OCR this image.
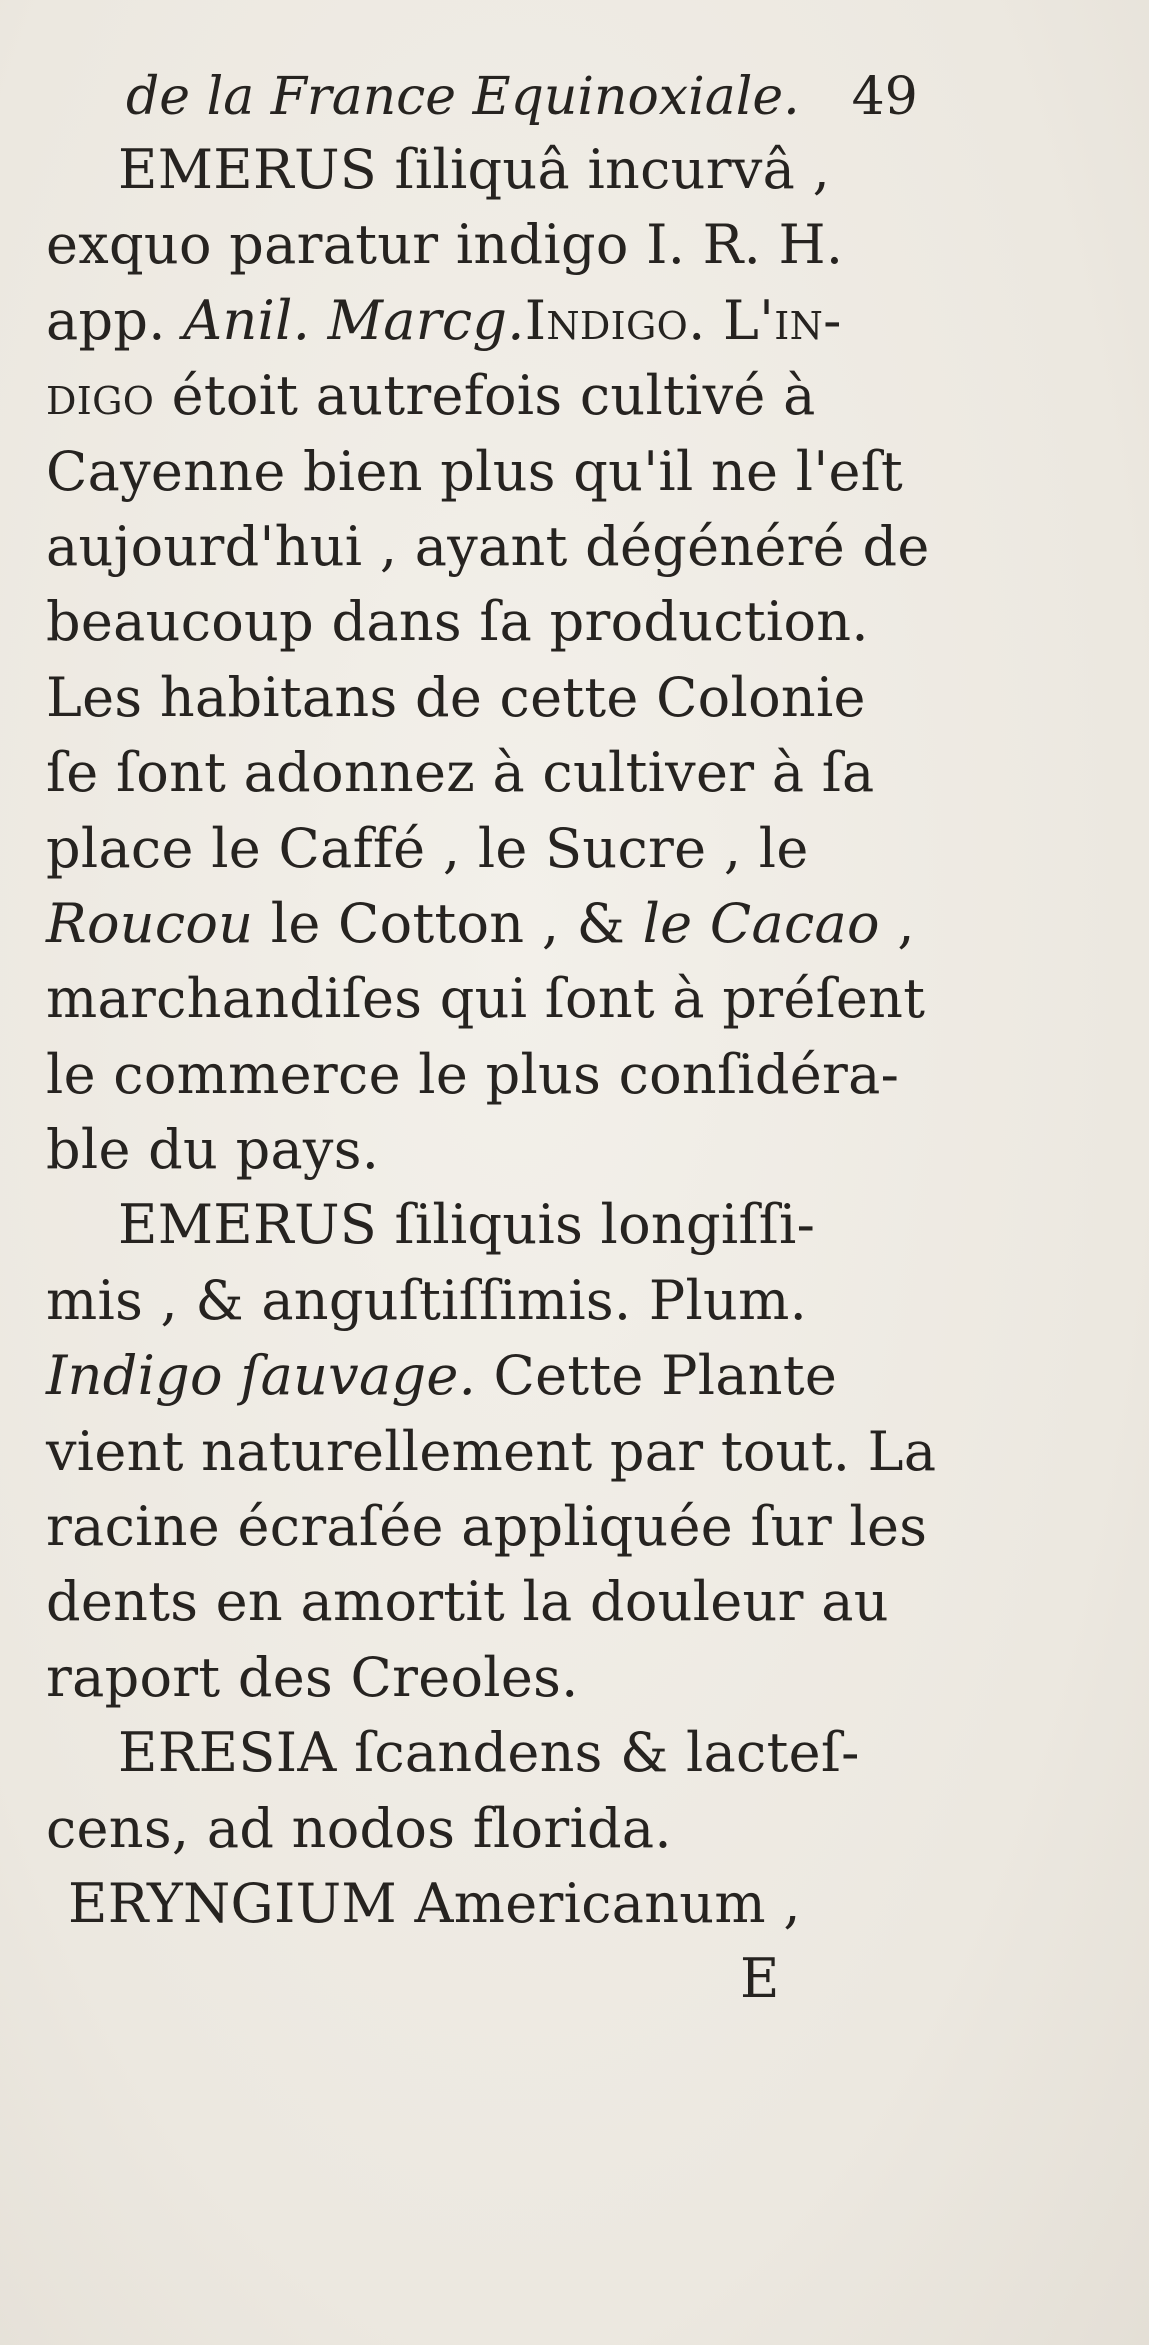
de la France Equinoxiale. 49
EMERUS ſiliquâ incurvâ ,
exquo paratur indigo I. R. H.
app. Anil. Marcg.Indigo. L'in-
digo étoit autrefois cultivé à
Cayenne bien plus qu'il ne l'eſt
aujourd'hui , ayant dégénéré de
beaucoup dans ſa production.
Les habitans de cette Colonie
ſe ſont adonnez à cultiver à ſa
place le Caffé , le Sucre , le
Roucou le Cotton , & le Cacao ,
marchandiſes qui ſont à préſent
le commerce le plus conſidéra-
ble du pays.
EMERUS ſiliquis longiſſi-
mis , & anguſtiſſimis. Plum.
Indigo ſauvage. Cette Plante
vient naturellement par tout. La
racine écraſée appliquée ſur les
dents en amortit la douleur au
raport des Creoles.
ERESIA ſcandens & lacteſ-
cens, ad nodos florida.
ERYNGIUM Americanum ,
E
